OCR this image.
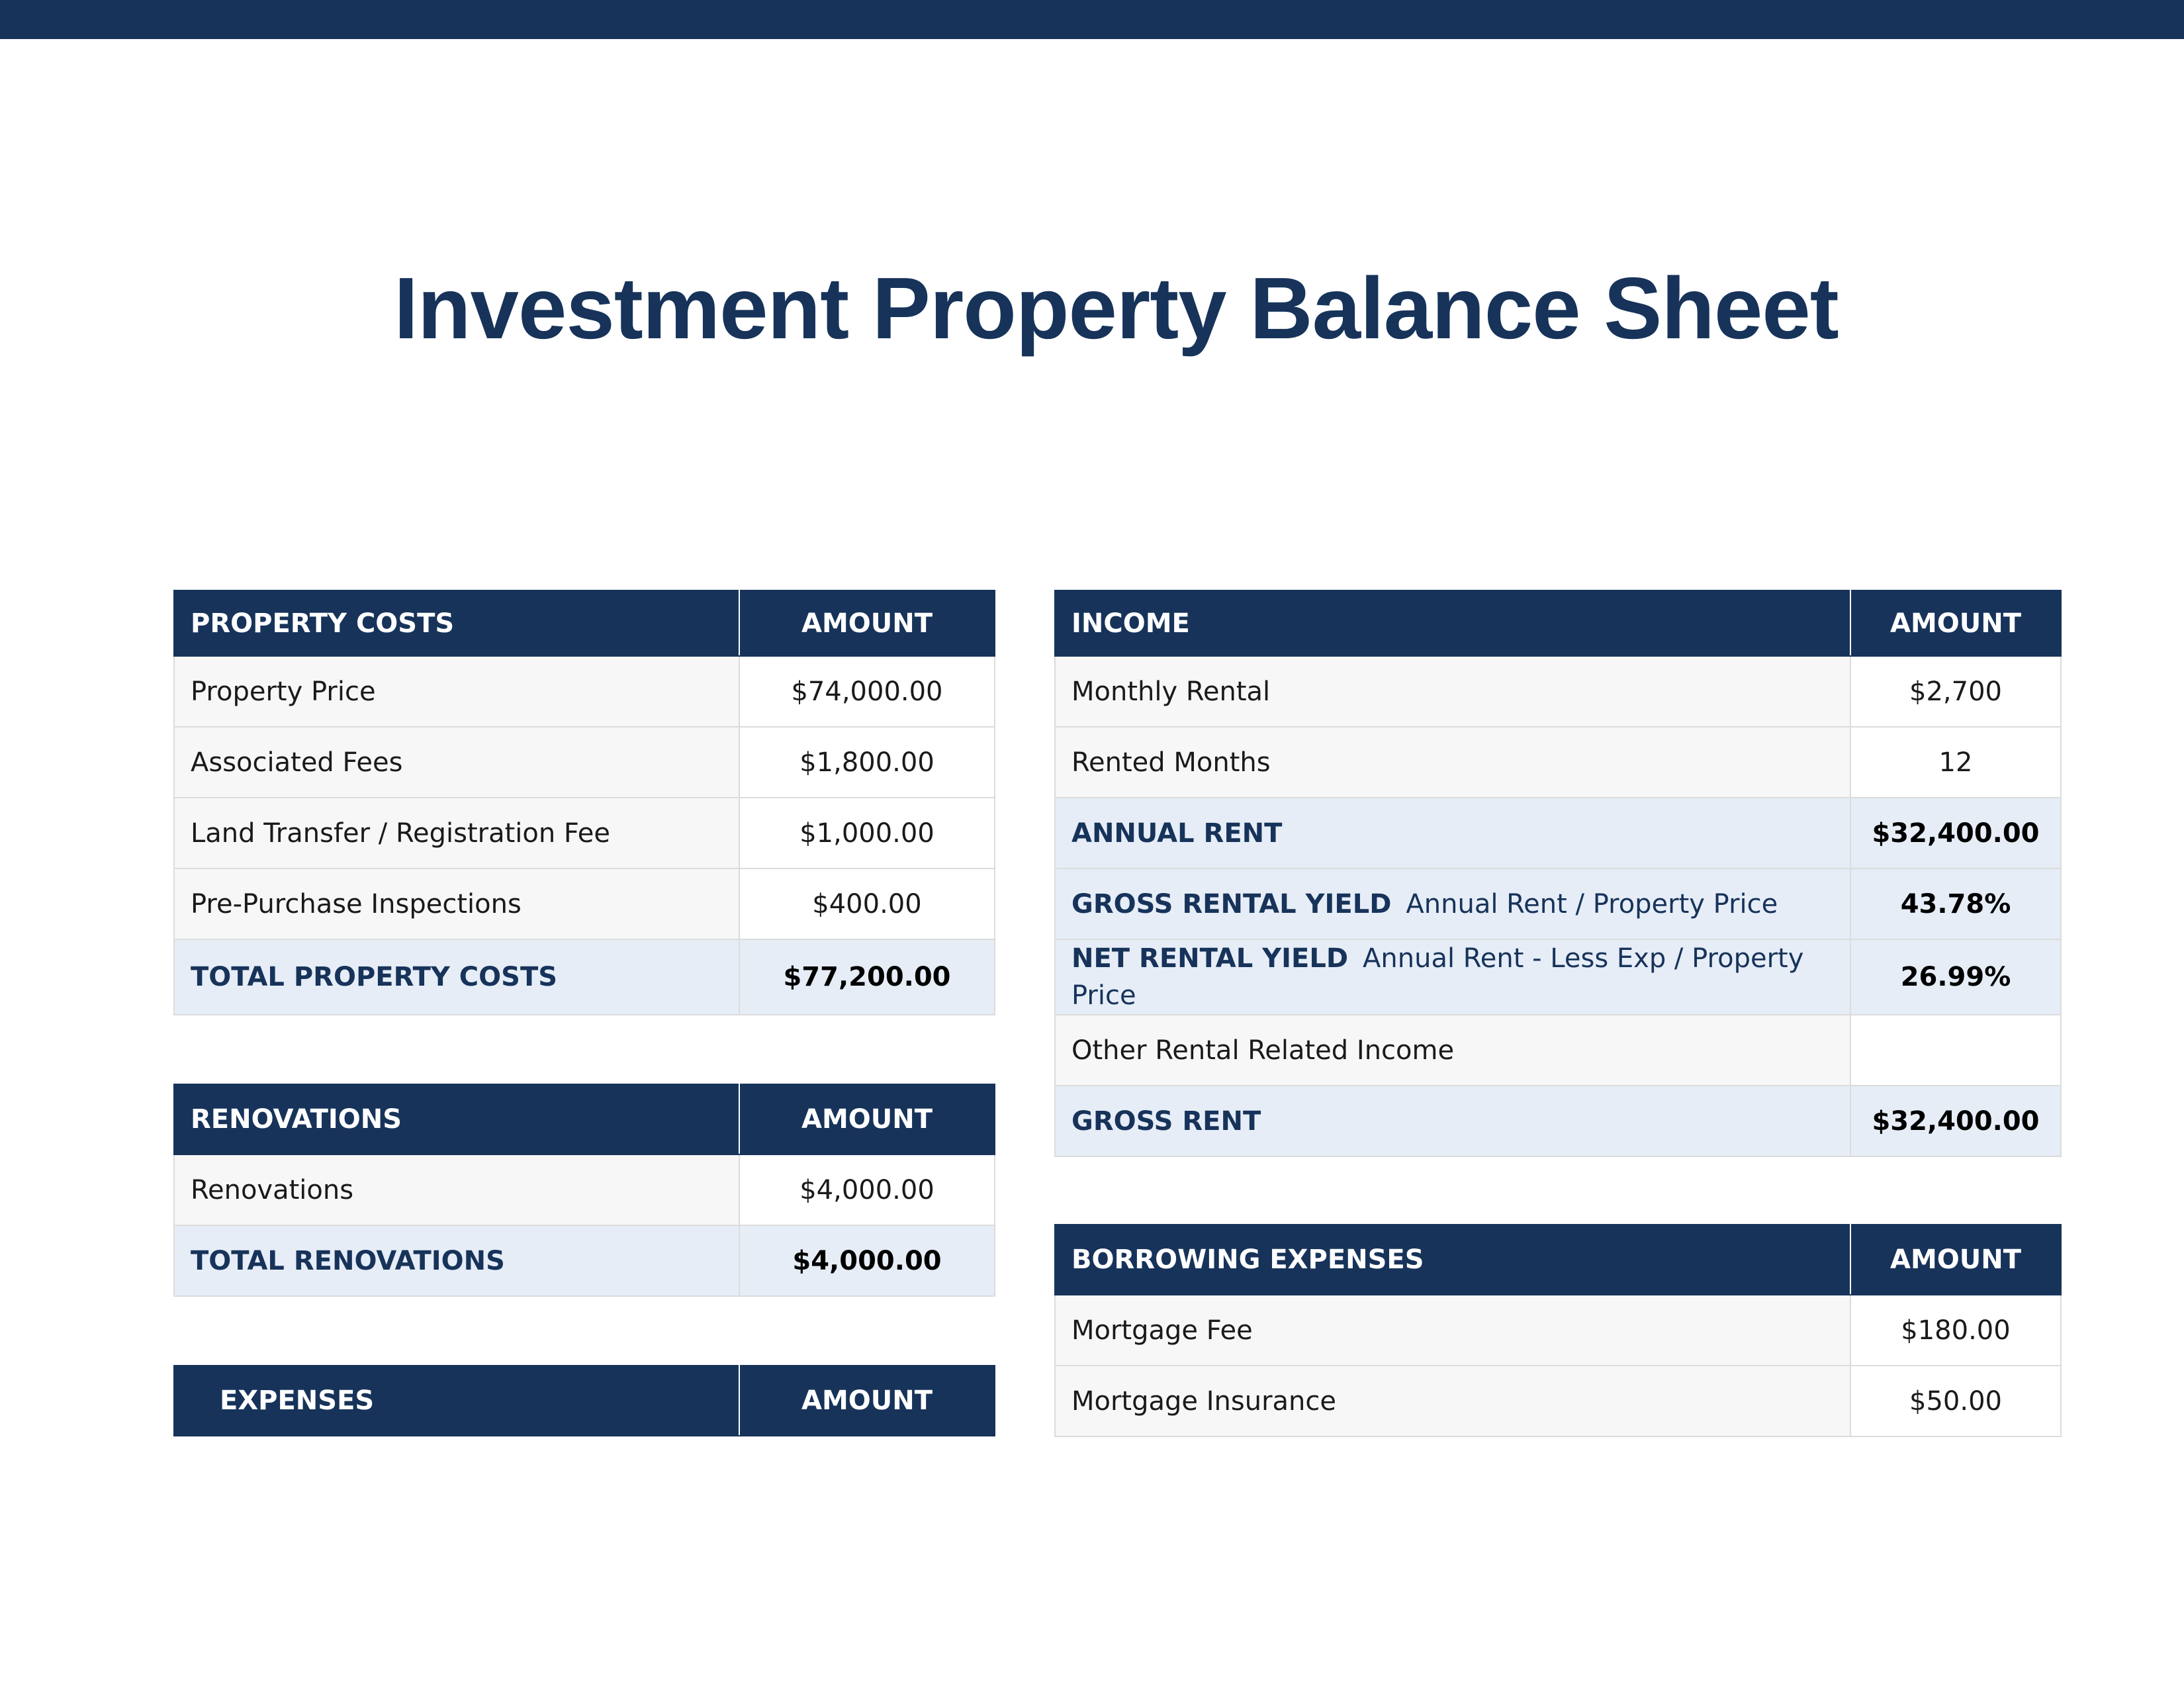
Investment Property Balance Sheet
PROPERTY COSTS	AMOUNT
Property Price	$74,000.00
Associated Fees	$1,800.00
Land Transfer / Registration Fee	$1,000.00
Pre-Purchase Inspections	$400.00
TOTAL PROPERTY COSTS	$77,200.00
RENOVATIONS	AMOUNT
Renovations	$4,000.00
TOTAL RENOVATIONS	$4,000.00
EXPENSES	AMOUNT
INCOME	AMOUNT
Monthly Rental	$2,700
Rented Months	12
ANNUAL RENT	$32,400.00
GROSS RENTAL YIELD Annual Rent / Property Price	43.78%
NET RENTAL YIELD Annual Rent - Less Exp / Property Price	26.99%
Other Rental Related Income	
GROSS RENT	$32,400.00
BORROWING EXPENSES	AMOUNT
Mortgage Fee	$180.00
Mortgage Insurance	$50.00
